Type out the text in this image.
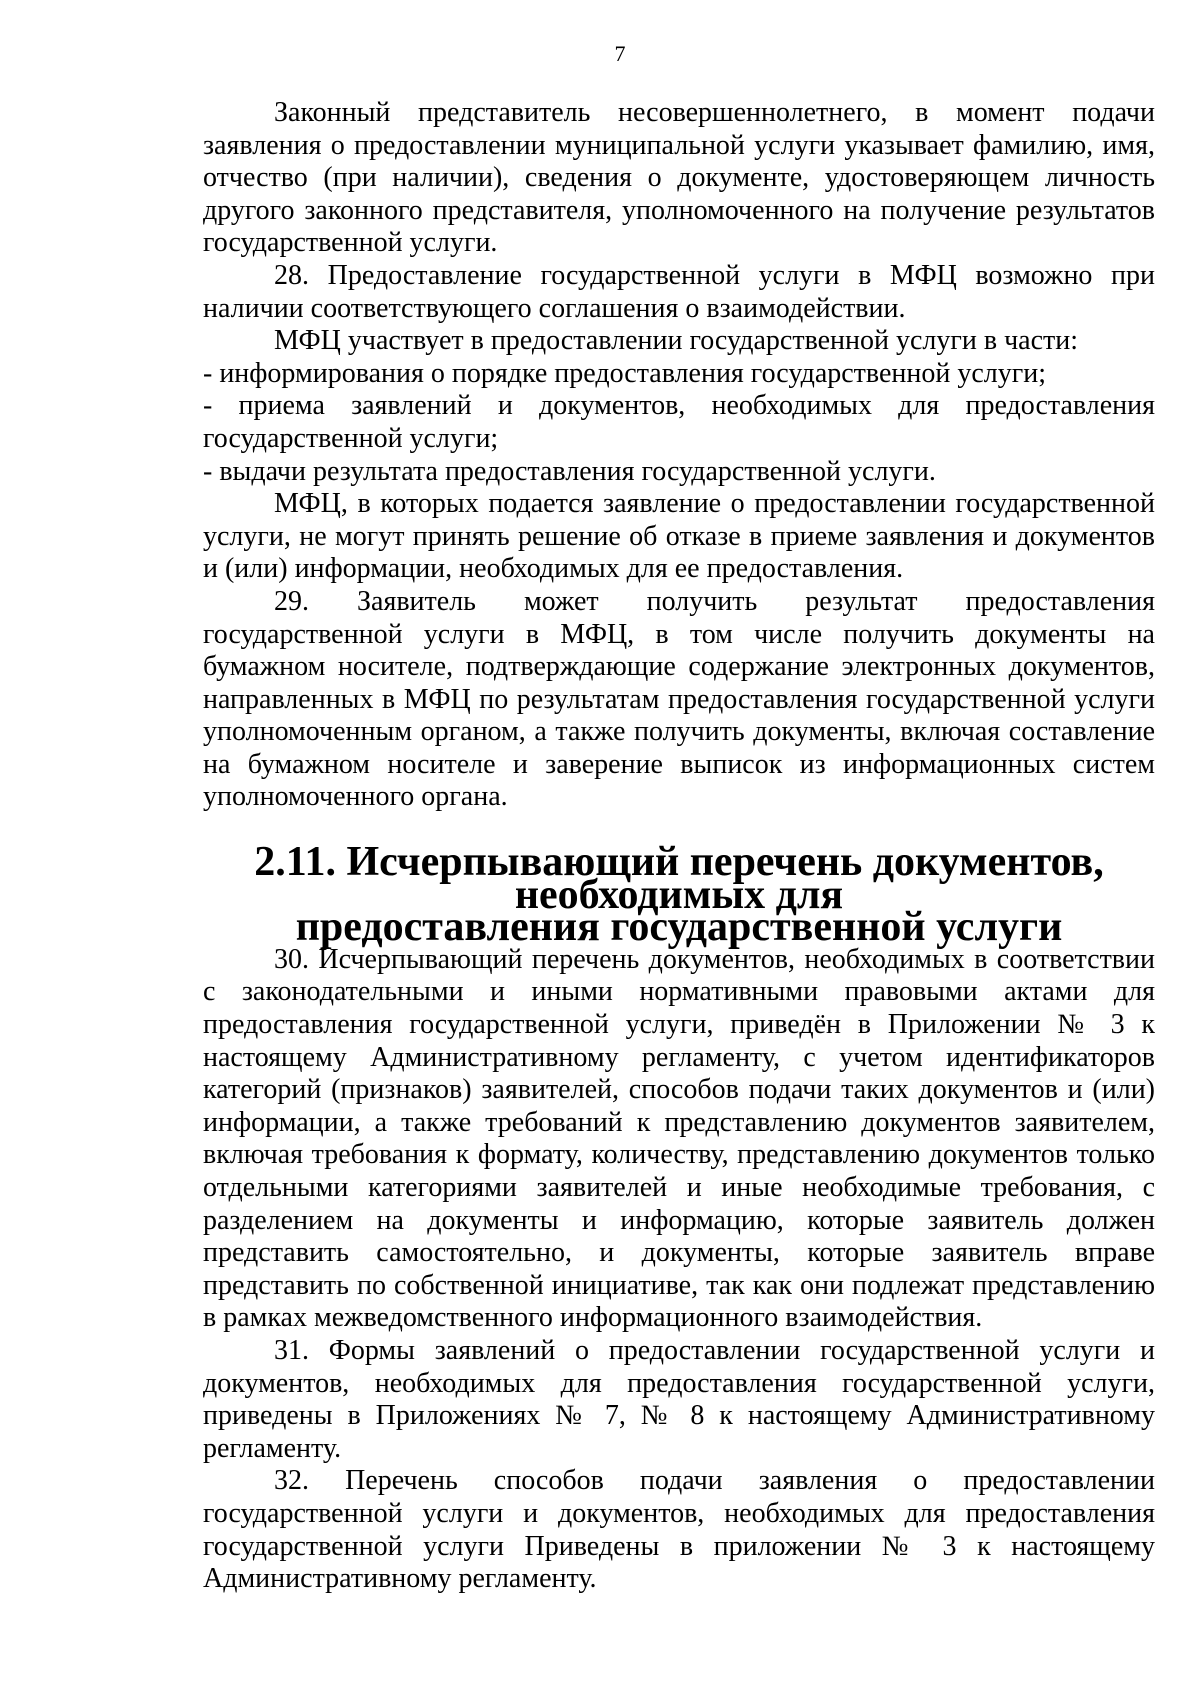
7

Законный представитель несовершеннолетнего, в момент подачи заявления о предоставлении муниципальной услуги указывает фамилию, имя, отчество (при наличии), сведения о документе, удостоверяющем личность другого законного представителя, уполномоченного на получение результатов государственной услуги.

28. Предоставление государственной услуги в МФЦ возможно при наличии соответствующего соглашения о взаимодействии.

МФЦ участвует в предоставлении государственной услуги в части:

- информирования о порядке предоставления государственной услуги;

- приема заявлений и документов, необходимых для предоставления государственной услуги;

- выдачи результата предоставления государственной услуги.

МФЦ, в которых подается заявление о предоставлении государственной услуги, не могут принять решение об отказе в приеме заявления и документов и (или) информации, необходимых для ее предоставления.

29. Заявитель может получить результат предоставления государственной услуги в МФЦ, в том числе получить документы на бумажном носителе, подтверждающие содержание электронных документов, направленных в МФЦ по результатам предоставления государственной услуги уполномоченным органом, а также получить документы, включая составление на бумажном носителе и заверение выписок из информационных систем уполномоченного органа.

2.11. Исчерпывающий перечень документов, необходимых для
предоставления государственной услуги

30. Исчерпывающий перечень документов, необходимых в соответствии с законодательными и иными нормативными правовыми актами для предоставления государственной услуги, приведён в Приложении № 3 к настоящему Административному регламенту, с учетом идентификаторов категорий (признаков) заявителей, способов подачи таких документов и (или) информации, а также требований к представлению документов заявителем, включая требования к формату, количеству, представлению документов только отдельными категориями заявителей и иные необходимые требования, с разделением на документы и информацию, которые заявитель должен представить самостоятельно, и документы, которые заявитель вправе представить по собственной инициативе, так как они подлежат представлению в рамках межведомственного информационного взаимодействия.

31. Формы заявлений о предоставлении государственной услуги и документов, необходимых для предоставления государственной услуги, приведены в Приложениях № 7, № 8 к настоящему Административному регламенту.

32. Перечень способов подачи заявления о предоставлении государственной услуги и документов, необходимых для предоставления государственной услуги Приведены в приложении № 3 к настоящему Административному регламенту.
